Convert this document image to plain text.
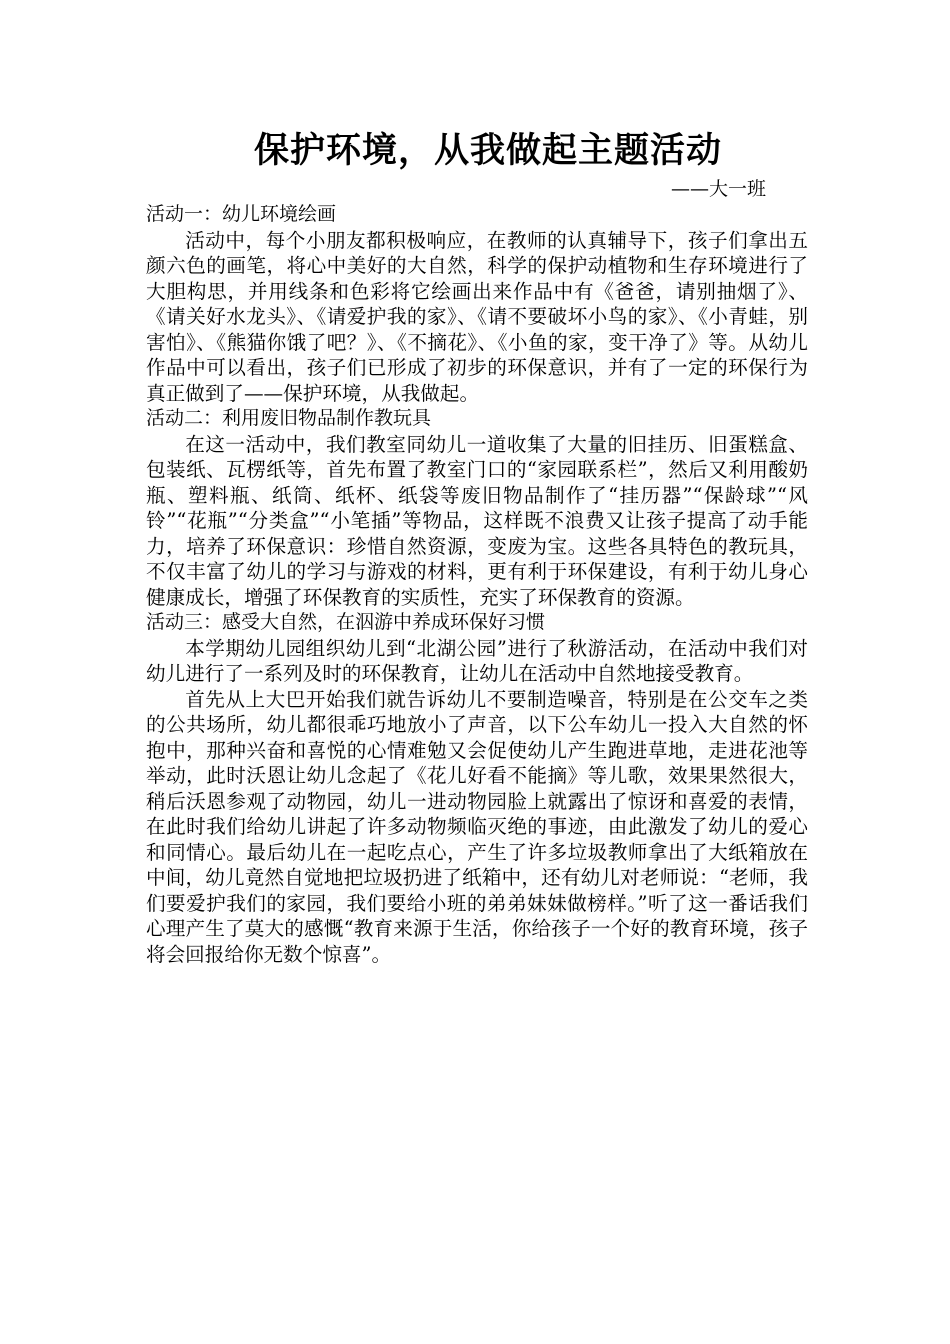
保护环境，从我做起主题活动

——大一班

活动一：幼儿环境绘画

活动中，每个小朋友都积极响应，在教师的认真辅导下，孩子们拿出五颜六色的画笔，将心中美好的大自然，科学的保护动植物和生存环境进行了大胆构思，并用线条和色彩将它绘画出来作品中有《爸爸，请别抽烟了》、《请关好水龙头》、《请爱护我的家》、《请不要破坏小鸟的家》、《小青蛙，别害怕》、《熊猫你饿了吧？》、《不摘花》、《小鱼的家，变干净了》等。从幼儿作品中可以看出，孩子们已形成了初步的环保意识，并有了一定的环保行为真正做到了——保护环境，从我做起。

活动二：利用废旧物品制作教玩具

在这一活动中，我们教室同幼儿一道收集了大量的旧挂历、旧蛋糕盒、包装纸、瓦楞纸等，首先布置了教室门口的“家园联系栏”，然后又利用酸奶瓶、塑料瓶、纸筒、纸杯、纸袋等废旧物品制作了“挂历器”“保龄球”“风铃”“花瓶”“分类盒”“小笔插”等物品，这样既不浪费又让孩子提高了动手能力，培养了环保意识：珍惜自然资源，变废为宝。这些各具特色的教玩具，不仅丰富了幼儿的学习与游戏的材料，更有利于环保建设，有利于幼儿身心健康成长，增强了环保教育的实质性，充实了环保教育的资源。

活动三：感受大自然，在泅游中养成环保好习惯

本学期幼儿园组织幼儿到“北湖公园”进行了秋游活动，在活动中我们对幼儿进行了一系列及时的环保教育，让幼儿在活动中自然地接受教育。

首先从上大巴开始我们就告诉幼儿不要制造噪音，特别是在公交车之类的公共场所，幼儿都很乖巧地放小了声音，以下公车幼儿一投入大自然的怀抱中，那种兴奋和喜悦的心情难勉又会促使幼儿产生跑进草地，走进花池等举动，此时沃恩让幼儿念起了《花儿好看不能摘》等儿歌，效果果然很大，稍后沃恩参观了动物园，幼儿一进动物园脸上就露出了惊讶和喜爱的表情，在此时我们给幼儿讲起了许多动物频临灭绝的事迹，由此激发了幼儿的爱心和同情心。最后幼儿在一起吃点心，产生了许多垃圾教师拿出了大纸箱放在中间，幼儿竟然自觉地把垃圾扔进了纸箱中，还有幼儿对老师说：“老师，我们要爱护我们的家园，我们要给小班的弟弟妹妹做榜样。”听了这一番话我们心理产生了莫大的感慨“教育来源于生活，你给孩子一个好的教育环境，孩子将会回报给你无数个惊喜”。
